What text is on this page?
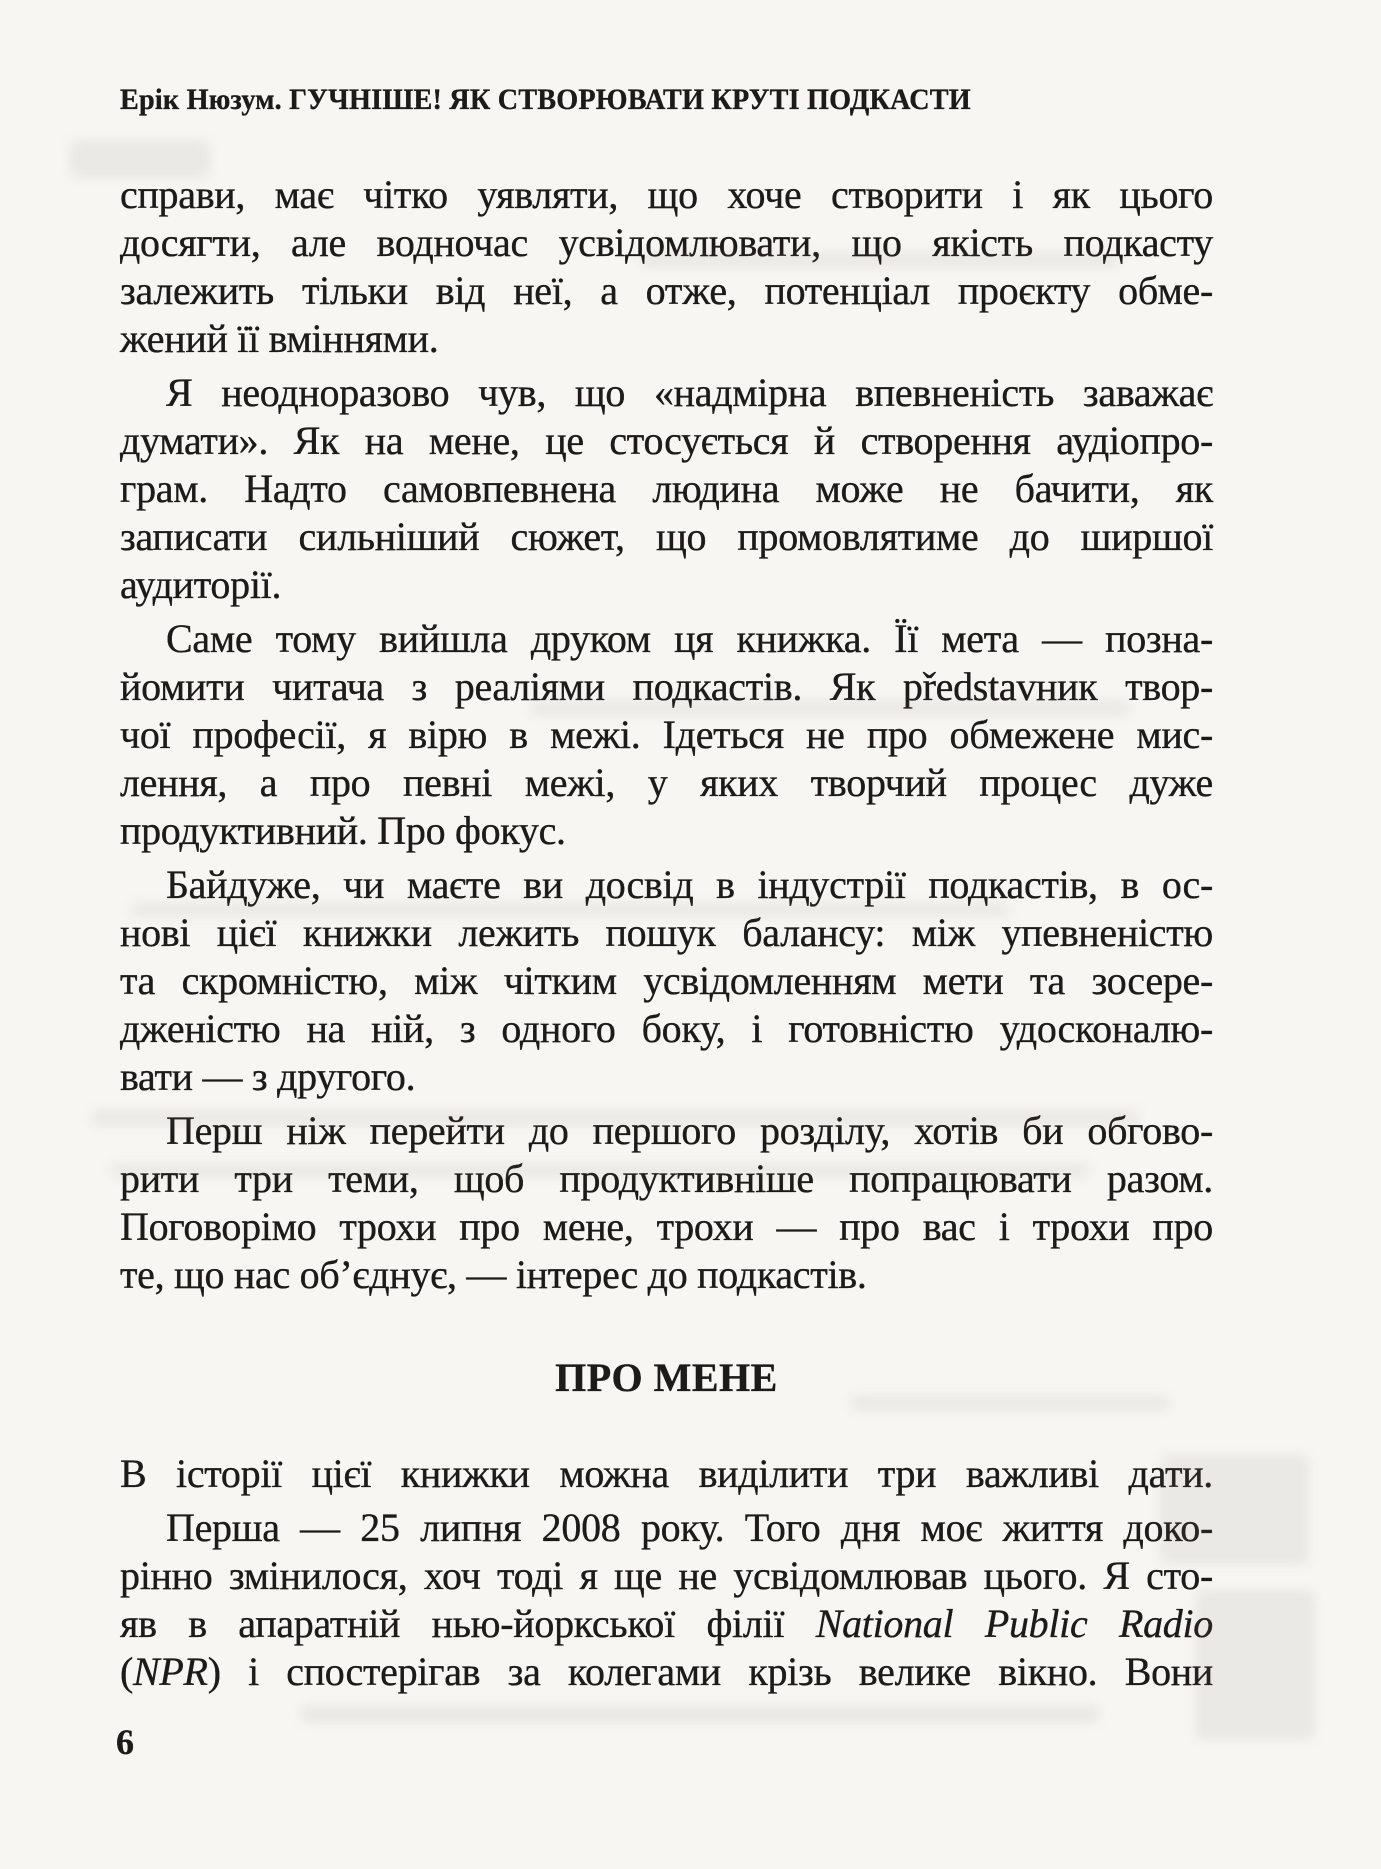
Ерік Нюзум. ГУЧНІШЕ! ЯК СТВОРЮВАТИ КРУТІ ПОДКАСТИ
справи, має чітко уявляти, що хоче створити і як цього
досягти, але водночас усвідомлювати, що якість подкасту
залежить тільки від неї, а отже, потенціал проєкту обме-
жений її вміннями.
Я неодноразово чув, що «надмірна впевненість заважає
думати». Як на мене, це стосується й створення аудіопро-
грам. Надто самовпевнена людина може не бачити, як
записати сильніший сюжет, що промовлятиме до ширшої
аудиторії.
Саме тому вийшла друком ця книжка. Її мета — позна-
йомити читача з реаліями подкастів. Як představник твор-
чої професії, я вірю в межі. Ідеться не про обмежене мис-
лення, а про певні межі, у яких творчий процес дуже
продуктивний. Про фокус.
Байдуже, чи маєте ви досвід в індустрії подкастів, в ос-
нові цієї книжки лежить пошук балансу: між упевненістю
та скромністю, між чітким усвідомленням мети та зосере-
дженістю на ній, з одного боку, і готовністю удосконалю-
вати — з другого.
Перш ніж перейти до першого розділу, хотів би обгово-
рити три теми, щоб продуктивніше попрацювати разом.
Поговорімо трохи про мене, трохи — про вас і трохи про
те, що нас об’єднує, — інтерес до подкастів.
ПРО МЕНЕ
В історії цієї книжки можна виділити три важливі дати.
Перша — 25 липня 2008 року. Того дня моє життя доко-
рінно змінилося, хоч тоді я ще не усвідомлював цього. Я сто-
яв в апаратній нью-йоркської філії National Public Radio
(NPR) і спостерігав за колегами крізь велике вікно. Вони
6
